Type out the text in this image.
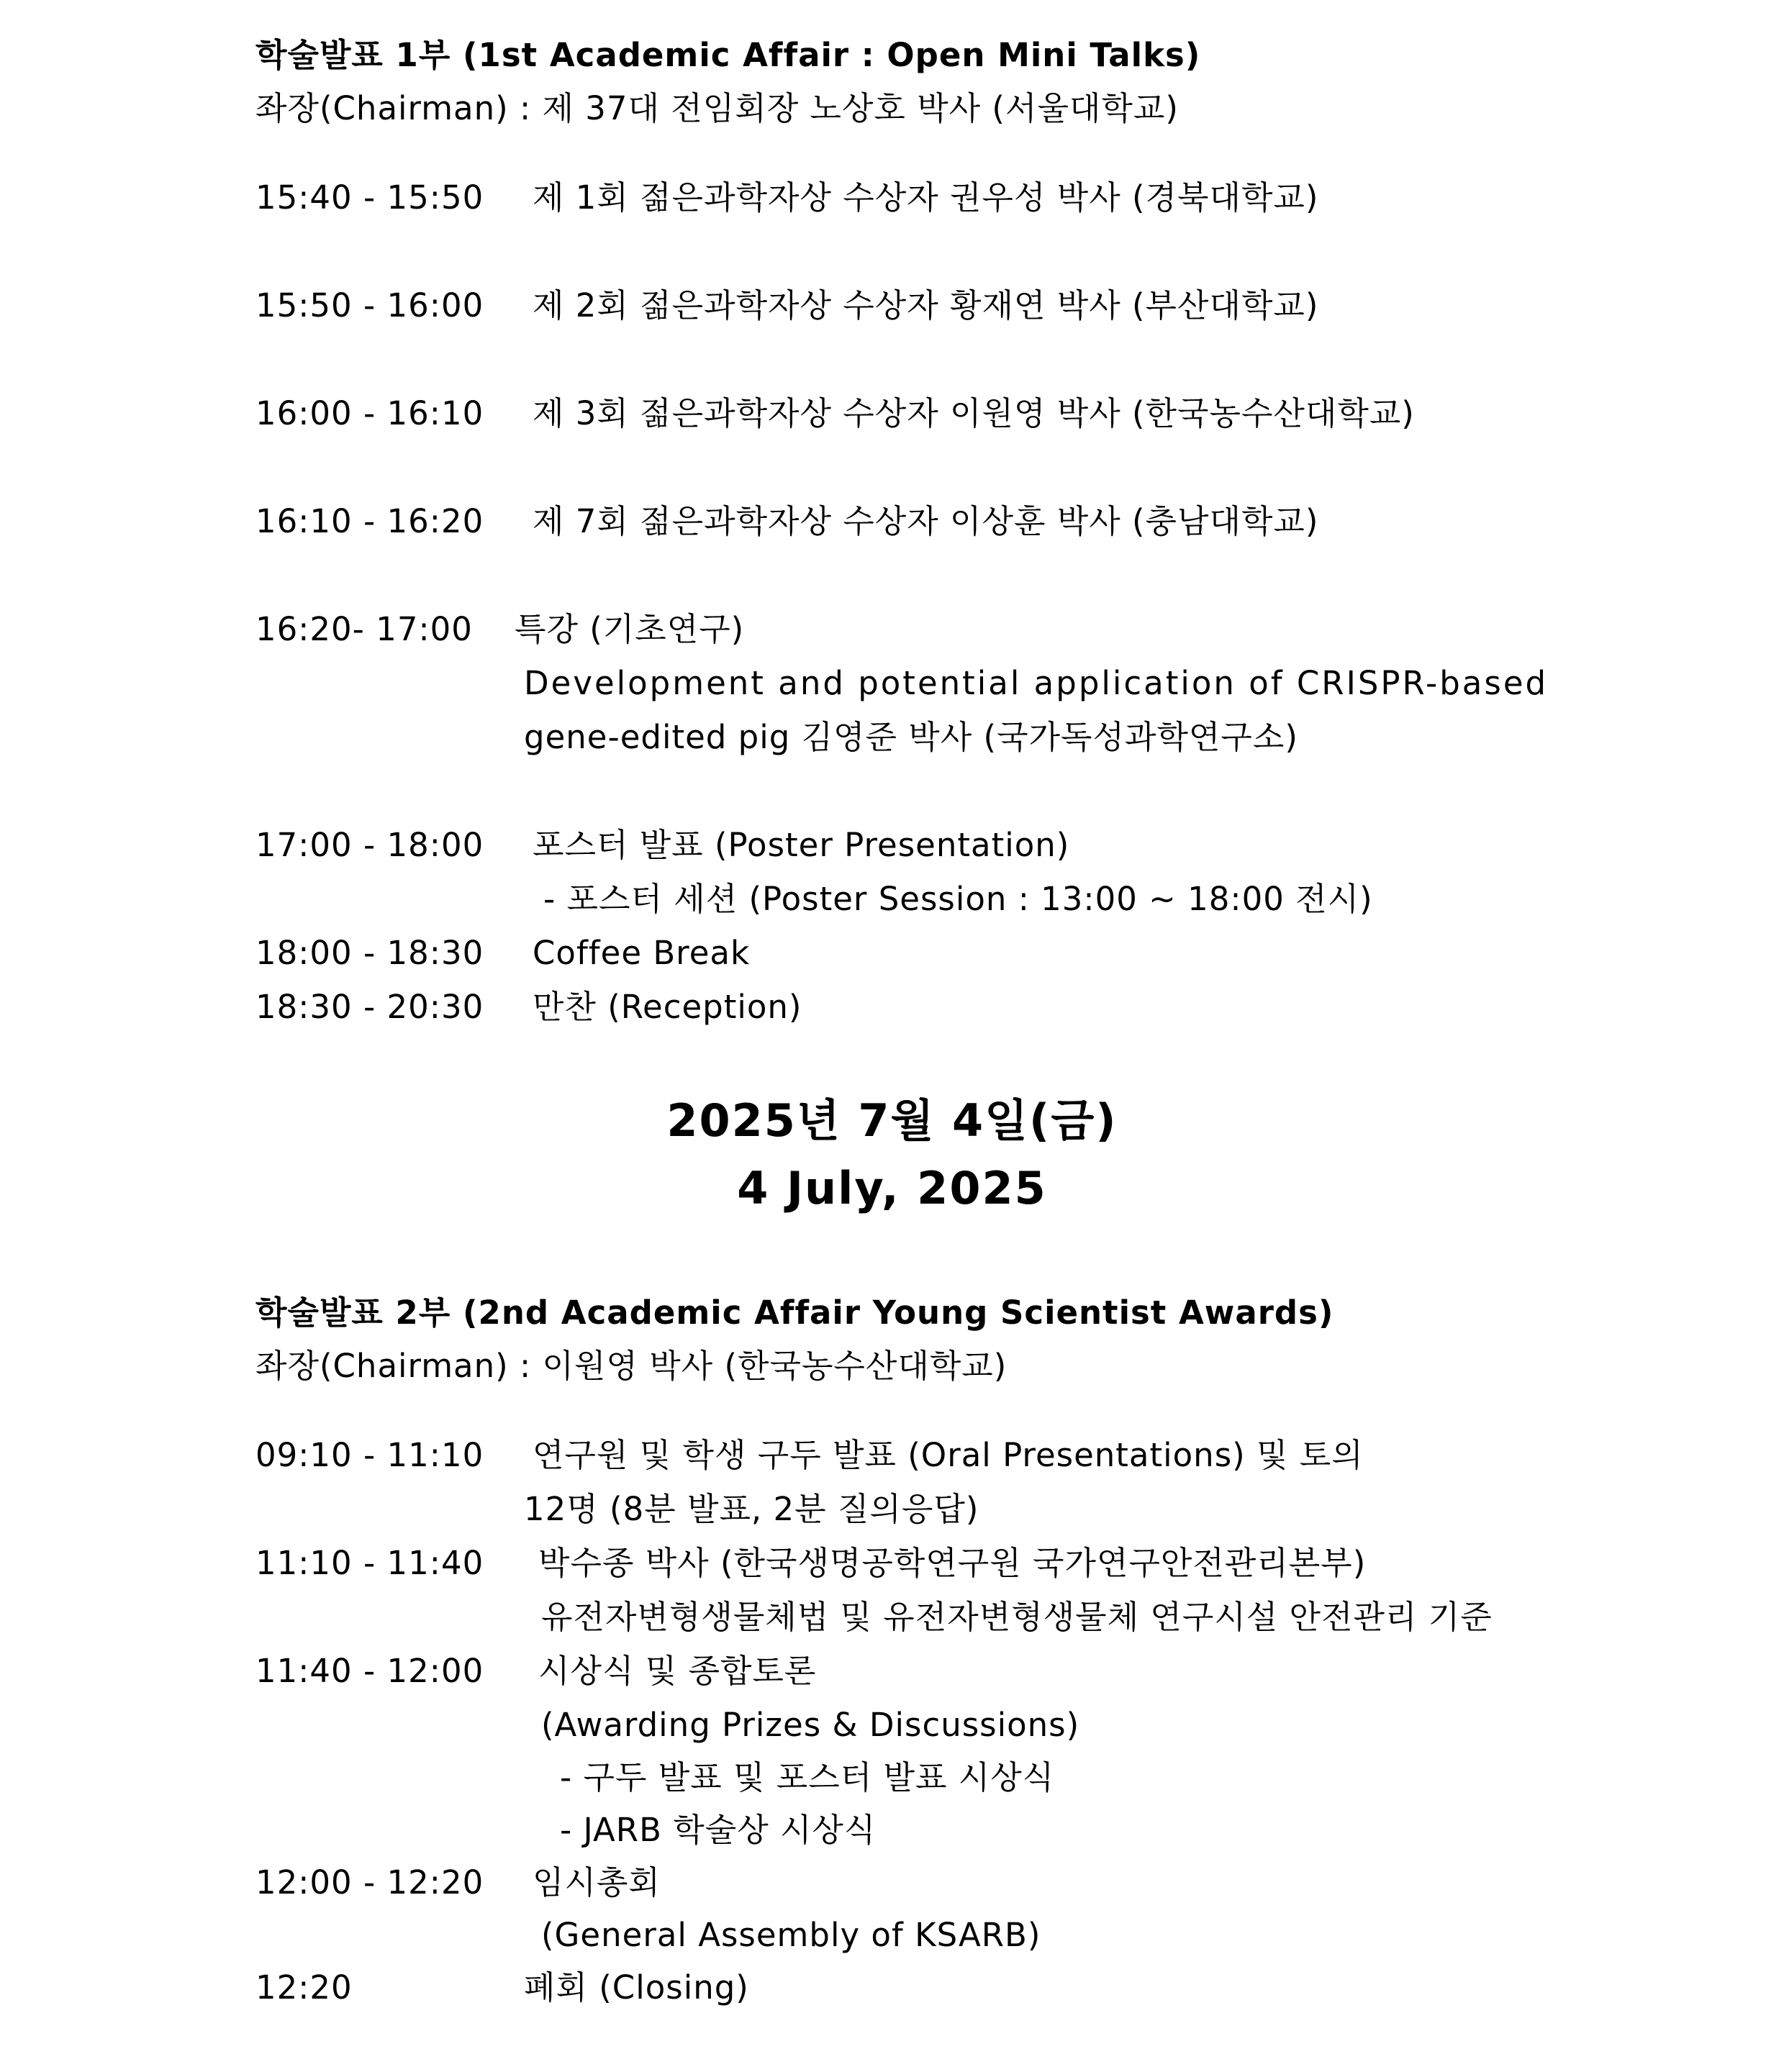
학술발표 1부 (1st Academic Affair : Open Mini Talks)
좌장(Chairman) : 제 37대 전임회장 노상호 박사 (서울대학교)
15:40 - 15:50 제 1회 젊은과학자상 수상자 권우성 박사 (경북대학교)
15:50 - 16:00 제 2회 젊은과학자상 수상자 황재연 박사 (부산대학교)
16:00 - 16:10 제 3회 젊은과학자상 수상자 이원영 박사 (한국농수산대학교)
16:10 - 16:20 제 7회 젊은과학자상 수상자 이상훈 박사 (충남대학교)
16:20- 17:00 특강 (기초연구)
Development and potential application of CRISPR-based
gene-edited pig 김영준 박사 (국가독성과학연구소)
17:00 - 18:00 포스터 발표 (Poster Presentation)
- 포스터 세션 (Poster Session : 13:00 ~ 18:00 전시)
18:00 - 18:30 Coffee Break
18:30 - 20:30 만찬 (Reception)
2025년 7월 4일(금)
4 July, 2025
학술발표 2부 (2nd Academic Affair Young Scientist Awards)
좌장(Chairman) : 이원영 박사 (한국농수산대학교)
09:10 - 11:10 연구원 및 학생 구두 발표 (Oral Presentations) 및 토의
12명 (8분 발표, 2분 질의응답)
11:10 - 11:40 박수종 박사 (한국생명공학연구원 국가연구안전관리본부)
유전자변형생물체법 및 유전자변형생물체 연구시설 안전관리 기준
11:40 - 12:00 시상식 및 종합토론
(Awarding Prizes & Discussions)
- 구두 발표 및 포스터 발표 시상식
- JARB 학술상 시상식
12:00 - 12:20 임시총회
(General Assembly of KSARB)
12:20	폐회 (Closing)
